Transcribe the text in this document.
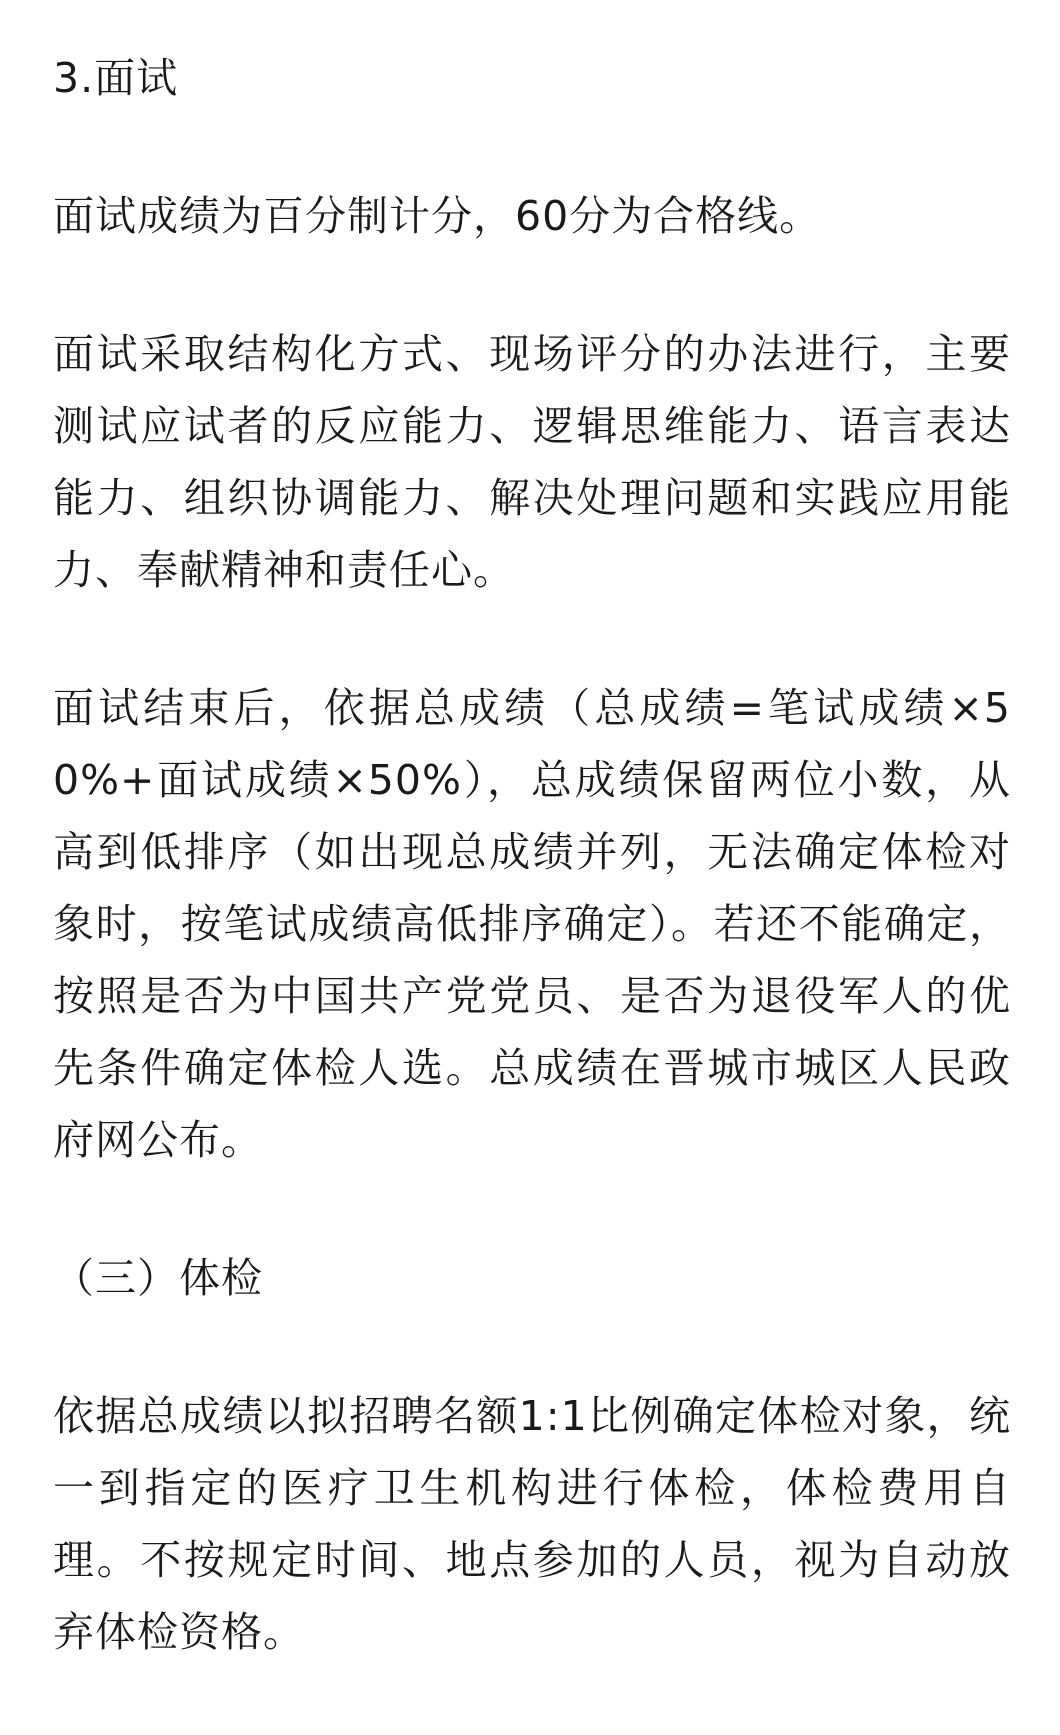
3.面试

面试成绩为百分制计分，60分为合格线。

面试采取结构化方式、现场评分的办法进行，主要测试应试者的反应能力、逻辑思维能力、语言表达能力、组织协调能力、解决处理问题和实践应用能力、奉献精神和责任心。

面试结束后，依据总成绩（总成绩=笔试成绩×50%+面试成绩×50%），总成绩保留两位小数，从高到低排序（如出现总成绩并列，无法确定体检对象时，按笔试成绩高低排序确定）。若还不能确定，按照是否为中国共产党党员、是否为退役军人的优先条件确定体检人选。总成绩在晋城市城区人民政府网公布。

（三）体检

依据总成绩以拟招聘名额1:1比例确定体检对象，统一到指定的医疗卫生机构进行体检，体检费用自理。不按规定时间、地点参加的人员，视为自动放弃体检资格。
